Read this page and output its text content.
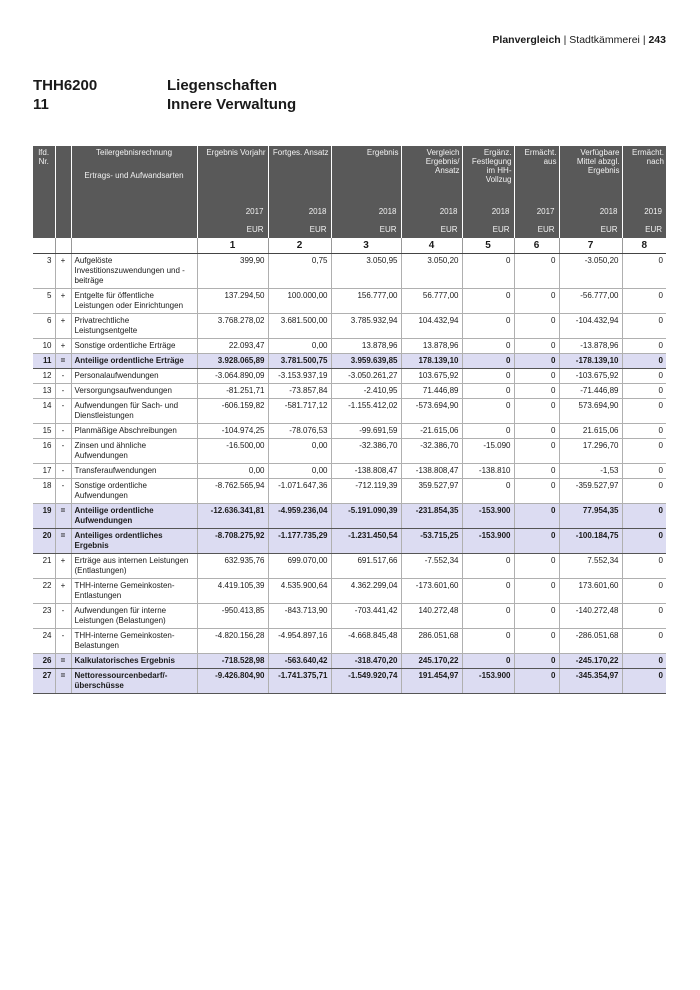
Planvergleich | Stadtkämmerei | 243
THH6200	Liegenschaften
11	Innere Verwaltung
lfd. Nr.		Teilergebnisrechnung
Ertrags- und Aufwandsarten	Ergebnis Vorjahr	Fortges. Ansatz	Ergebnis	Vergleich Ergebnis/ Ansatz	Ergänz. Festlegung im HH-Vollzug	Ermächt. aus	Verfügbare Mittel abzgl. Ergebnis	Ermächt. nach
			2017	2018	2018	2018	2018	2017	2018	2019
			EUR	EUR	EUR	EUR	EUR	EUR	EUR	EUR
			1	2	3	4	5	6	7	8
3	+	Aufgelöste Investitionszuwendungen und -beiträge	399,90	0,75	3.050,95	3.050,20	0	0	-3.050,20	0
5	+	Entgelte für öffentliche Leistungen oder Einrichtungen	137.294,50	100.000,00	156.777,00	56.777,00	0	0	-56.777,00	0
6	+	Privatrechtliche Leistungsentgelte	3.768.278,02	3.681.500,00	3.785.932,94	104.432,94	0	0	-104.432,94	0
10	+	Sonstige ordentliche Erträge	22.093,47	0,00	13.878,96	13.878,96	0	0	-13.878,96	0
11	=	Anteilige ordentliche Erträge	3.928.065,89	3.781.500,75	3.959.639,85	178.139,10	0	0	-178.139,10	0
12	-	Personalaufwendungen	-3.064.890,09	-3.153.937,19	-3.050.261,27	103.675,92	0	0	-103.675,92	0
13	-	Versorgungsaufwendungen	-81.251,71	-73.857,84	-2.410,95	71.446,89	0	0	-71.446,89	0
14	-	Aufwendungen für Sach- und Dienstleistungen	-606.159,82	-581.717,12	-1.155.412,02	-573.694,90	0	0	573.694,90	0
15	-	Planmäßige Abschreibungen	-104.974,25	-78.076,53	-99.691,59	-21.615,06	0	0	21.615,06	0
16	-	Zinsen und ähnliche Aufwendungen	-16.500,00	0,00	-32.386,70	-32.386,70	-15.090	0	17.296,70	0
17	-	Transferaufwendungen	0,00	0,00	-138.808,47	-138.808,47	-138.810	0	-1,53	0
18	-	Sonstige ordentliche Aufwendungen	-8.762.565,94	-1.071.647,36	-712.119,39	359.527,97	0	0	-359.527,97	0
19	=	Anteilige ordentliche Aufwendungen	-12.636.341,81	-4.959.236,04	-5.191.090,39	-231.854,35	-153.900	0	77.954,35	0
20	=	Anteiliges ordentliches Ergebnis	-8.708.275,92	-1.177.735,29	-1.231.450,54	-53.715,25	-153.900	0	-100.184,75	0
21	+	Erträge aus internen Leistungen (Entlastungen)	632.935,76	699.070,00	691.517,66	-7.552,34	0	0	7.552,34	0
22	+	THH-interne Gemeinkosten-Entlastungen	4.419.105,39	4.535.900,64	4.362.299,04	-173.601,60	0	0	173.601,60	0
23	-	Aufwendungen für interne Leistungen (Belastungen)	-950.413,85	-843.713,90	-703.441,42	140.272,48	0	0	-140.272,48	0
24	-	THH-interne Gemeinkosten-Belastungen	-4.820.156,28	-4.954.897,16	-4.668.845,48	286.051,68	0	0	-286.051,68	0
26	=	Kalkulatorisches Ergebnis	-718.528,98	-563.640,42	-318.470,20	245.170,22	0	0	-245.170,22	0
27	=	Nettoressourcenbedarf/-überschüsse	-9.426.804,90	-1.741.375,71	-1.549.920,74	191.454,97	-153.900	0	-345.354,97	0
